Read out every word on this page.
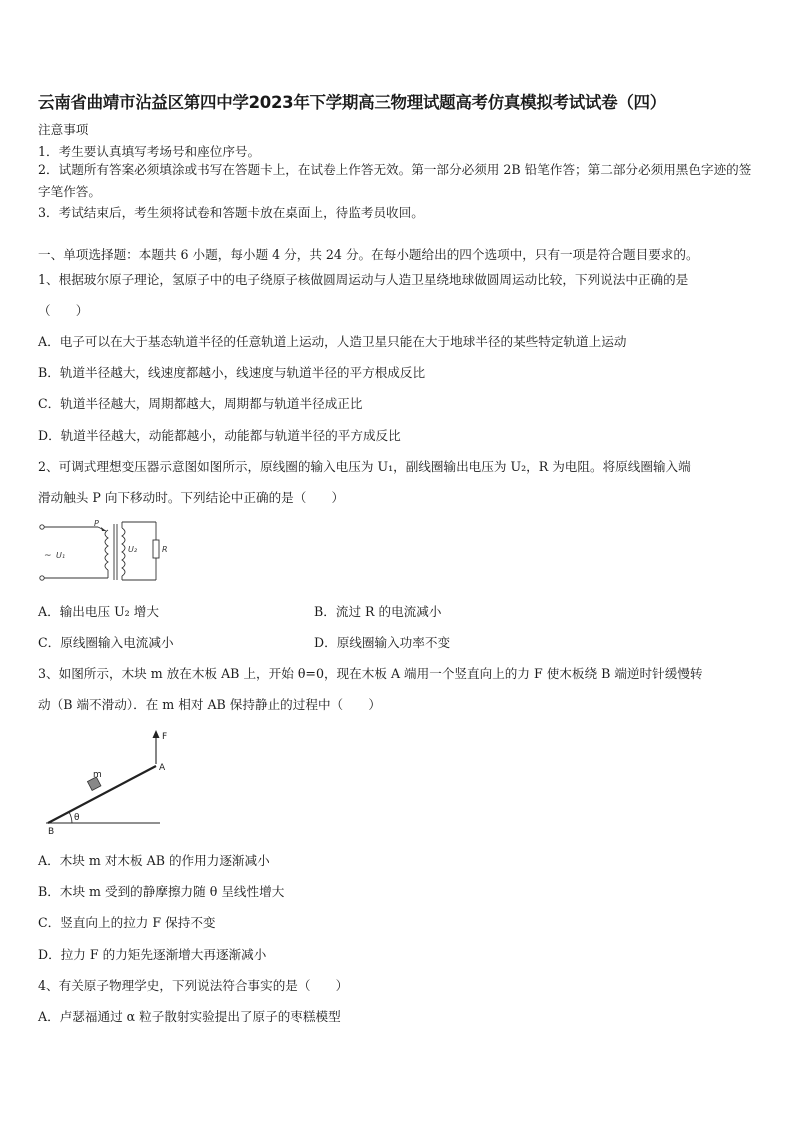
云南省曲靖市沾益区第四中学2023年下学期高三物理试题高考仿真模拟考试试卷（四）
注意事项
1．考生要认真填写考场号和座位序号。
2．试题所有答案必须填涂或书写在答题卡上，在试卷上作答无效。第一部分必须用 2B 铅笔作答；第二部分必须用黑色字迹的签字笔作答。
3．考试结束后，考生须将试卷和答题卡放在桌面上，待监考员收回。
一、单项选择题：本题共 6 小题，每小题 4 分，共 24 分。在每小题给出的四个选项中，只有一项是符合题目要求的。
1、根据玻尔原子理论，氢原子中的电子绕原子核做圆周运动与人造卫星绕地球做圆周运动比较，下列说法中正确的是
（　　）
A．电子可以在大于基态轨道半径的任意轨道上运动，人造卫星只能在大于地球半径的某些特定轨道上运动
B．轨道半径越大，线速度都越小，线速度与轨道半径的平方根成反比
C．轨道半径越大，周期都越大，周期都与轨道半径成正比
D．轨道半径越大，动能都越小，动能都与轨道半径的平方成反比
2、可调式理想变压器示意图如图所示，原线圈的输入电压为 U₁，副线圈输出电压为 U₂，R 为电阻。将原线圈输入端
滑动触头 P 向下移动时。下列结论中正确的是（　　）
P
~ U₁
U₂	R
A．输出电压 U₂ 增大	B．流过 R 的电流减小
C．原线圈输入电流减小	D．原线圈输入功率不变
3、如图所示，木块 m 放在木板 AB 上，开始 θ=0，现在木板 A 端用一个竖直向上的力 F 使木板绕 B 端逆时针缓慢转
动（B 端不滑动）．在 m 相对 AB 保持静止的过程中（　　）
F
m
A
B
θ
A．木块 m 对木板 AB 的作用力逐渐减小
B．木块 m 受到的静摩擦力随 θ 呈线性增大
C．竖直向上的拉力 F 保持不变
D．拉力 F 的力矩先逐渐增大再逐渐减小
4、有关原子物理学史，下列说法符合事实的是（　　）
A．卢瑟福通过 α 粒子散射实验提出了原子的枣糕模型
